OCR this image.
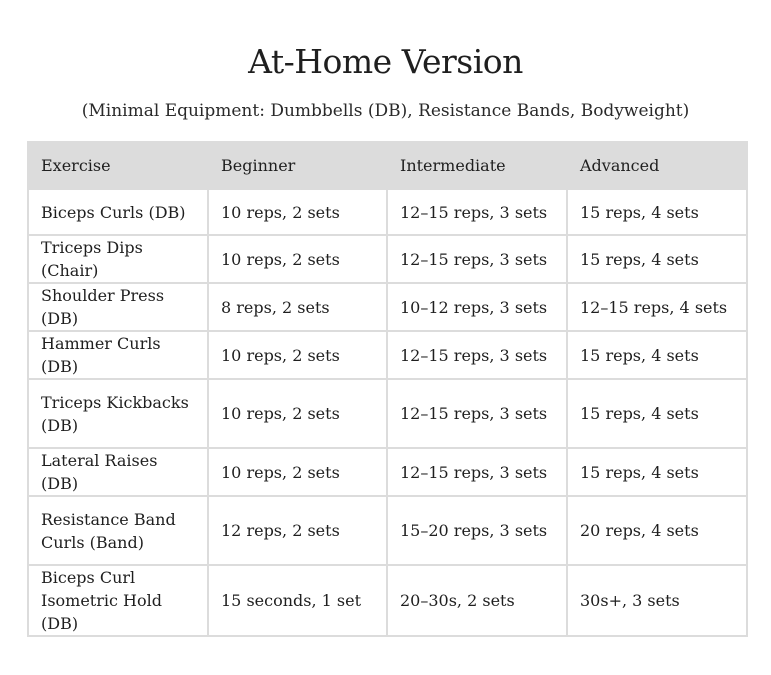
At-Home Version

(Minimal Equipment: Dumbbells (DB), Resistance Bands, Bodyweight)

Exercise	Beginner	Intermediate	Advanced
Biceps Curls (DB)	10 reps, 2 sets	12–15 reps, 3 sets	15 reps, 4 sets
Triceps Dips (Chair)	10 reps, 2 sets	12–15 reps, 3 sets	15 reps, 4 sets
Shoulder Press (DB)	8 reps, 2 sets	10–12 reps, 3 sets	12–15 reps, 4 sets
Hammer Curls (DB)	10 reps, 2 sets	12–15 reps, 3 sets	15 reps, 4 sets
Triceps Kickbacks (DB)	10 reps, 2 sets	12–15 reps, 3 sets	15 reps, 4 sets
Lateral Raises (DB)	10 reps, 2 sets	12–15 reps, 3 sets	15 reps, 4 sets
Resistance Band Curls (Band)	12 reps, 2 sets	15–20 reps, 3 sets	20 reps, 4 sets
Biceps Curl Isometric Hold (DB)	15 seconds, 1 set	20–30s, 2 sets	30s+, 3 sets
